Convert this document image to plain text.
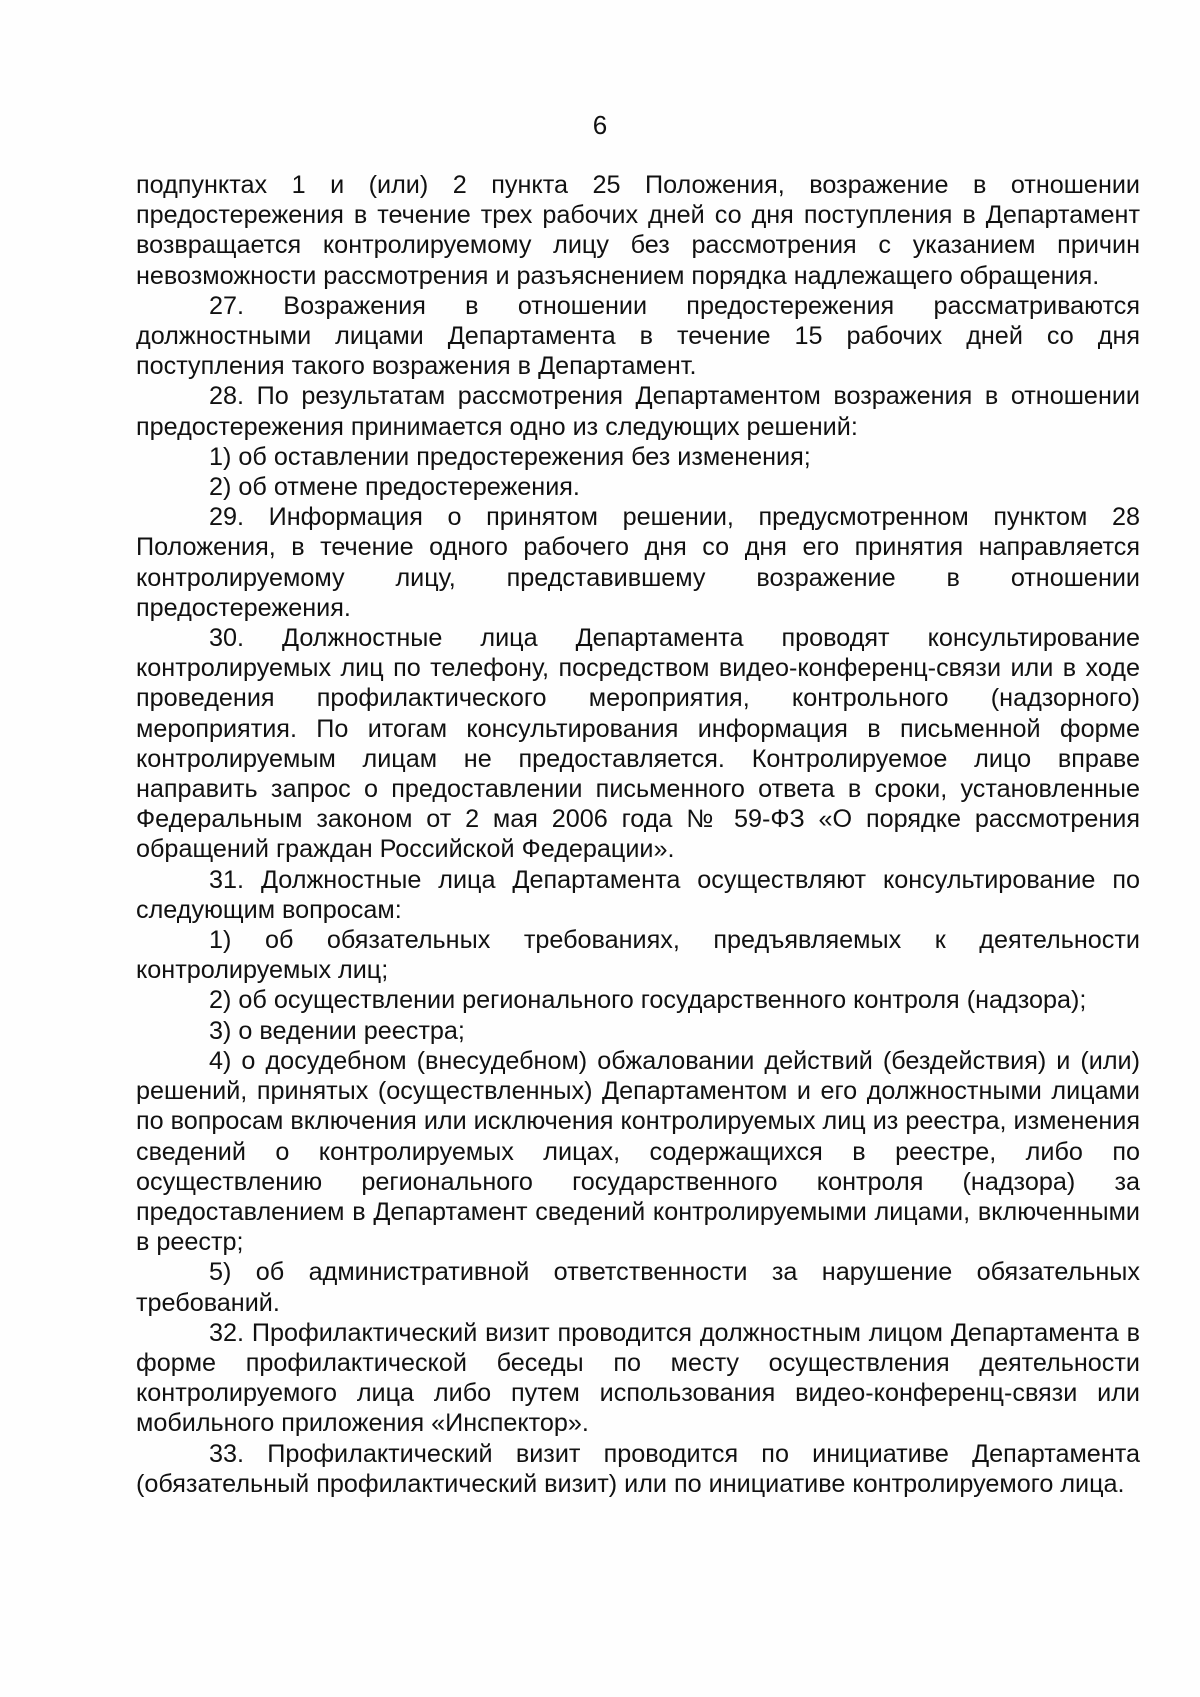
6

подпунктах 1 и (или) 2 пункта 25 Положения, возражение в отношении предостережения в течение трех рабочих дней со дня поступления в Департамент возвращается контролируемому лицу без рассмотрения с указанием причин невозможности рассмотрения и разъяснением порядка надлежащего обращения.

27. Возражения в отношении предостережения рассматриваются должностными лицами Департамента в течение 15 рабочих дней со дня поступления такого возражения в Департамент.

28. По результатам рассмотрения Департаментом возражения в отношении предостережения принимается одно из следующих решений:

1) об оставлении предостережения без изменения;

2) об отмене предостережения.

29. Информация о принятом решении, предусмотренном пунктом 28 Положения, в течение одного рабочего дня со дня его принятия направляется контролируемому лицу, представившему возражение в отношении предостережения.

30. Должностные лица Департамента проводят консультирование контролируемых лиц по телефону, посредством видео-конференц-связи или в ходе проведения профилактического мероприятия, контрольного (надзорного) мероприятия. По итогам консультирования информация в письменной форме контролируемым лицам не предоставляется. Контролируемое лицо вправе направить запрос о предоставлении письменного ответа в сроки, установленные Федеральным законом от 2 мая 2006 года № 59-ФЗ «О порядке рассмотрения обращений граждан Российской Федерации».

31. Должностные лица Департамента осуществляют консультирование по следующим вопросам:

1) об обязательных требованиях, предъявляемых к деятельности контролируемых лиц;

2) об осуществлении регионального государственного контроля (надзора);

3) о ведении реестра;

4) о досудебном (внесудебном) обжаловании действий (бездействия) и (или) решений, принятых (осуществленных) Департаментом и его должностными лицами по вопросам включения или исключения контролируемых лиц из реестра, изменения сведений о контролируемых лицах, содержащихся в реестре, либо по осуществлению регионального государственного контроля (надзора) за предоставлением в Департамент сведений контролируемыми лицами, включенными в реестр;

5) об административной ответственности за нарушение обязательных требований.

32. Профилактический визит проводится должностным лицом Департамента в форме профилактической беседы по месту осуществления деятельности контролируемого лица либо путем использования видео-конференц-связи или мобильного приложения «Инспектор».

33. Профилактический визит проводится по инициативе Департамента (обязательный профилактический визит) или по инициативе контролируемого лица.
